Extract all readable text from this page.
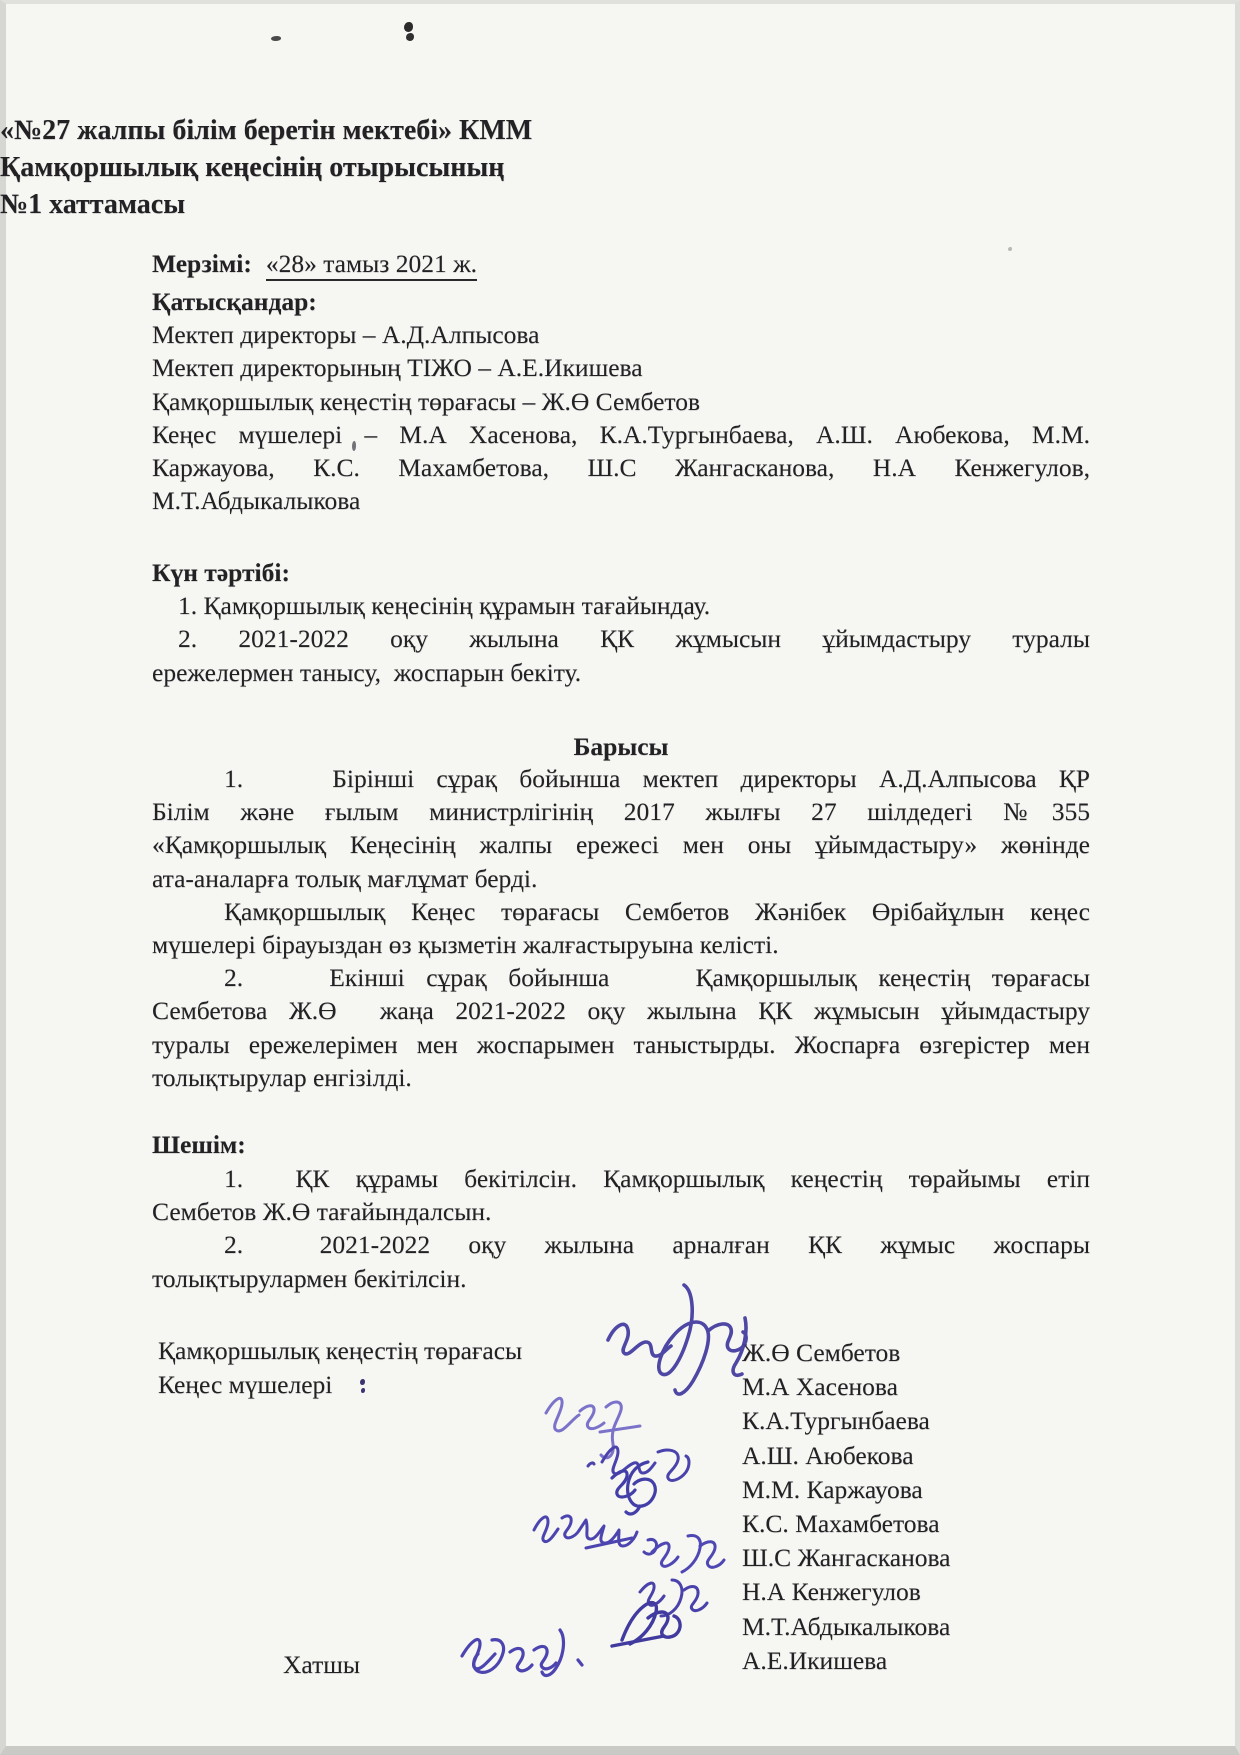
«№27 жалпы білім беретін мектебі» КММ
Қамқоршылық кеңесінің отырысының
№1 хаттамасы
Мерзімі: «28» тамыз 2021 ж.
Қатысқандар:
Мектеп директоры – А.Д.Алпысова
Мектеп директорының ТІЖО – А.Е.Икишева
Қамқоршылық кеңестің төрағасы – Ж.Ө Сембетов
Кеңес мүшелері – М.А Хасенова, К.А.Тургынбаева, А.Ш. Аюбекова, М.М.
Каржауова, К.С. Махамбетова, Ш.С Жангасканова, Н.А Кенжегулов,
М.Т.Абдыкалыкова
Күн тәртібі:
1. Қамқоршылық кеңесінің құрамын тағайындау.
2. 2021-2022 оқу жылына ҚК жұмысын ұйымдастыру туралы
ережелермен танысу,  жоспарын бекіту.
Барысы
1.    Бірінші сұрақ бойынша мектеп директоры А.Д.Алпысова ҚР
Білім және ғылым министрлігінің 2017 жылғы 27 шілдедегі №355
«Қамқоршылық Кеңесінің жалпы ережесі мен оны ұйымдастыру» жөнінде
ата-аналарға толық мағлұмат берді.
Қамқоршылық Кеңес төрағасы Сембетов Жәнібек Өрібайұлын кеңес
мүшелері бірауыздан өз қызметін жалғастыруына келісті.
2.    Екінші сұрақ бойынша    Қамқоршылық кеңестің төрағасы
Сембетова Ж.Ө  жаңа 2021-2022 оқу жылына ҚК жұмысын ұйымдастыру
туралы ережелерімен мен жоспарымен таныстырды. Жоспарға өзгерістер мен
толықтырулар енгізілді.
Шешім:
1.  ҚК құрамы бекітілсін. Қамқоршылық кеңестің төрайымы етіп
Сембетов Ж.Ө тағайындалсын.
2.  2021-2022 оқу жылына арналған ҚК жұмыс жоспары
толықтырулармен бекітілсін.
Қамқоршылық кеңестің төрағасы
Кеңес мүшелері
Хатшы
Ж.Ө Сембетов
М.А Хасенова
К.А.Тургынбаева
А.Ш. Аюбекова
М.М. Каржауова
К.С. Махамбетова
Ш.С Жангасканова
Н.А Кенжегулов
М.Т.Абдыкалыкова
А.Е.Икишева
